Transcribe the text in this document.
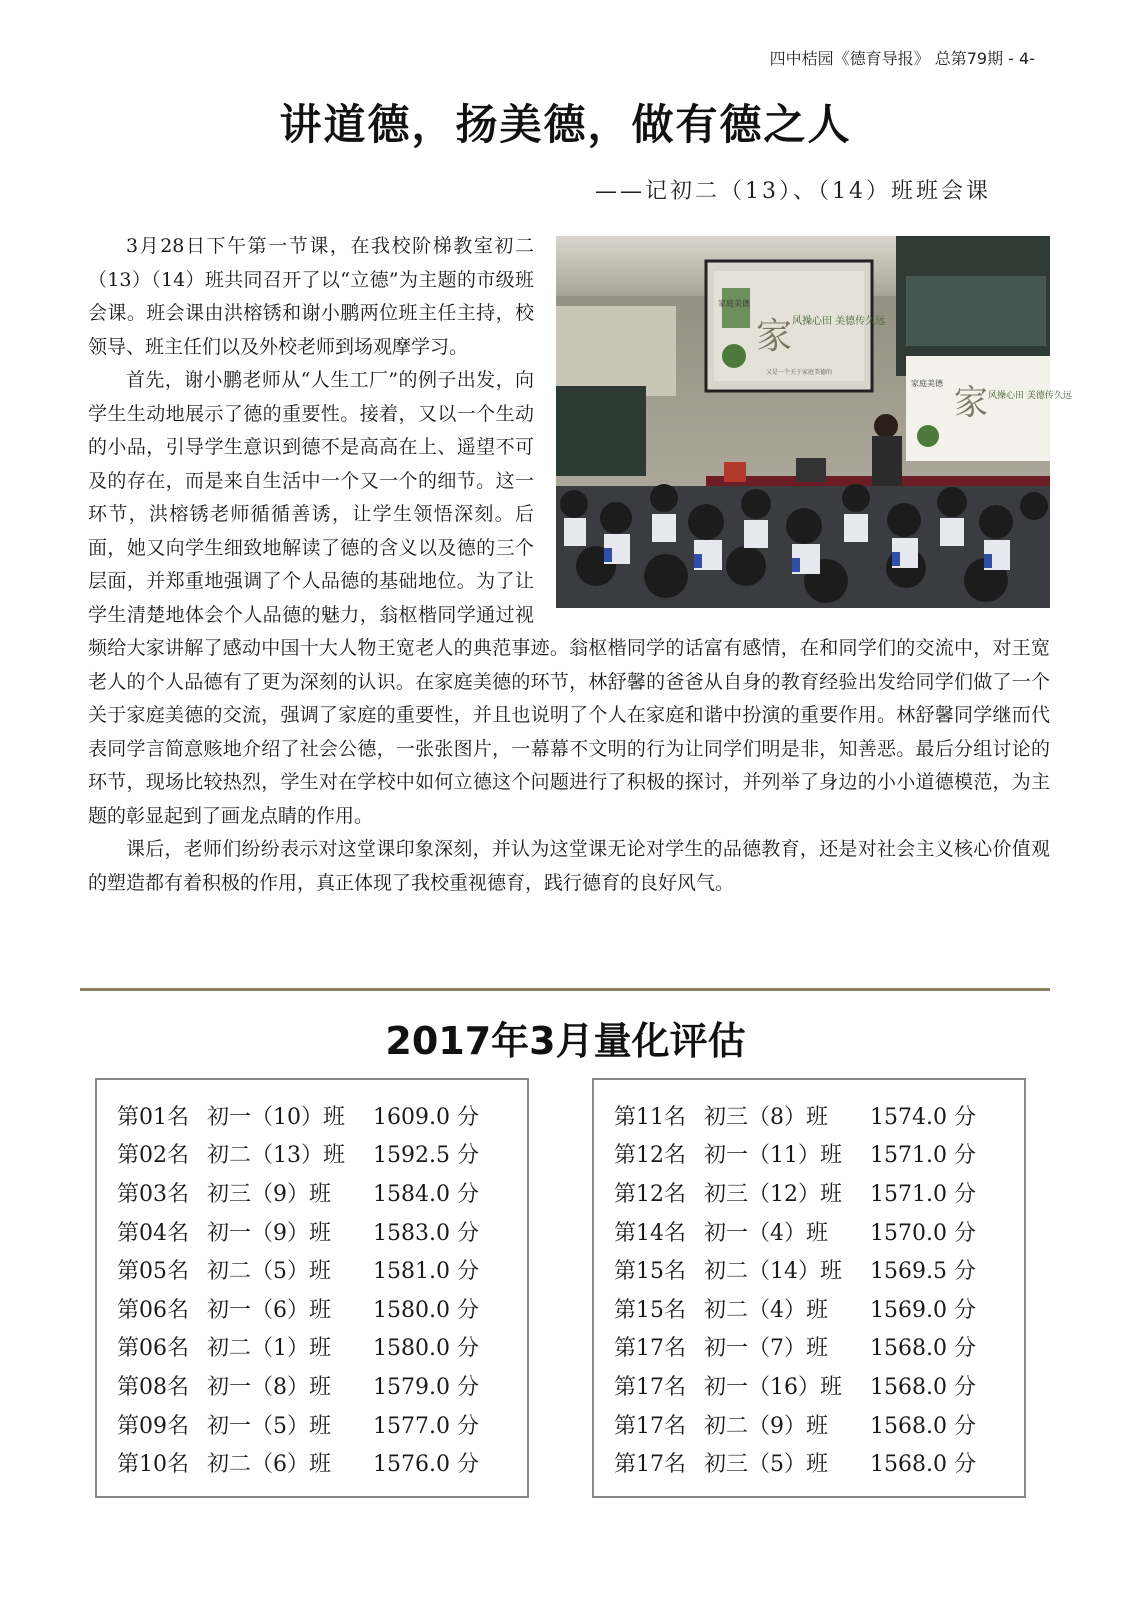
四中桔园《德育导报》 总第79期 - 4-
讲道德，扬美德，做有德之人
——记初二（13）、（14）班班会课
家 风操心田 美德传久远
家庭美德
又是一个关于家庭美德的
家 风操心田 美德传久远
家庭美德

3月28日下午第一节课，在我校阶梯教室初二（13）（14）班共同召开了以“立德”为主题的市级班会课。班会课由洪榕锈和谢小鹏两位班主任主持，校领导、班主任们以及外校老师到场观摩学习。

首先，谢小鹏老师从“人生工厂”的例子出发，向学生生动地展示了德的重要性。接着，又以一个生动的小品，引导学生意识到德不是高高在上、遥望不可及的存在，而是来自生活中一个又一个的细节。这一环节，洪榕锈老师循循善诱，让学生领悟深刻。后面，她又向学生细致地解读了德的含义以及德的三个层面，并郑重地强调了个人品德的基础地位。为了让学生清楚地体会个人品德的魅力，翁枢楷同学通过视频给大家讲解了感动中国十大人物王宽老人的典范事迹。翁枢楷同学的话富有感情，在和同学们的交流中，对王宽老人的个人品德有了更为深刻的认识。在家庭美德的环节，林舒馨的爸爸从自身的教育经验出发给同学们做了一个关于家庭美德的交流，强调了家庭的重要性，并且也说明了个人在家庭和谐中扮演的重要作用。林舒馨同学继而代表同学言简意赅地介绍了社会公德，一张张图片，一幕幕不文明的行为让同学们明是非，知善恶。最后分组讨论的环节，现场比较热烈，学生对在学校中如何立德这个问题进行了积极的探讨，并列举了身边的小小道德模范，为主题的彰显起到了画龙点睛的作用。

课后，老师们纷纷表示对这堂课印象深刻，并认为这堂课无论对学生的品德教育，还是对社会主义核心价值观的塑造都有着积极的作用，真正体现了我校重视德育，践行德育的良好风气。

2017年3月量化评估
第01名 初一（10）班	1609.0 分
第02名 初二（13）班	1592.5 分
第03名 初三（9）班	1584.0 分
第04名 初一（9）班	1583.0 分
第05名 初二（5）班	1581.0 分
第06名 初一（6）班	1580.0 分
第06名 初二（1）班	1580.0 分
第08名 初一（8）班	1579.0 分
第09名 初一（5）班	1577.0 分
第10名 初二（6）班	1576.0 分
第11名 初三（8）班	1574.0 分
第12名 初一（11）班	1571.0 分
第12名 初三（12）班	1571.0 分
第14名 初一（4）班	1570.0 分
第15名 初二（14）班	1569.5 分
第15名 初二（4）班	1569.0 分
第17名 初一（7）班	1568.0 分
第17名 初一（16）班	1568.0 分
第17名 初二（9）班	1568.0 分
第17名 初三（5）班	1568.0 分
